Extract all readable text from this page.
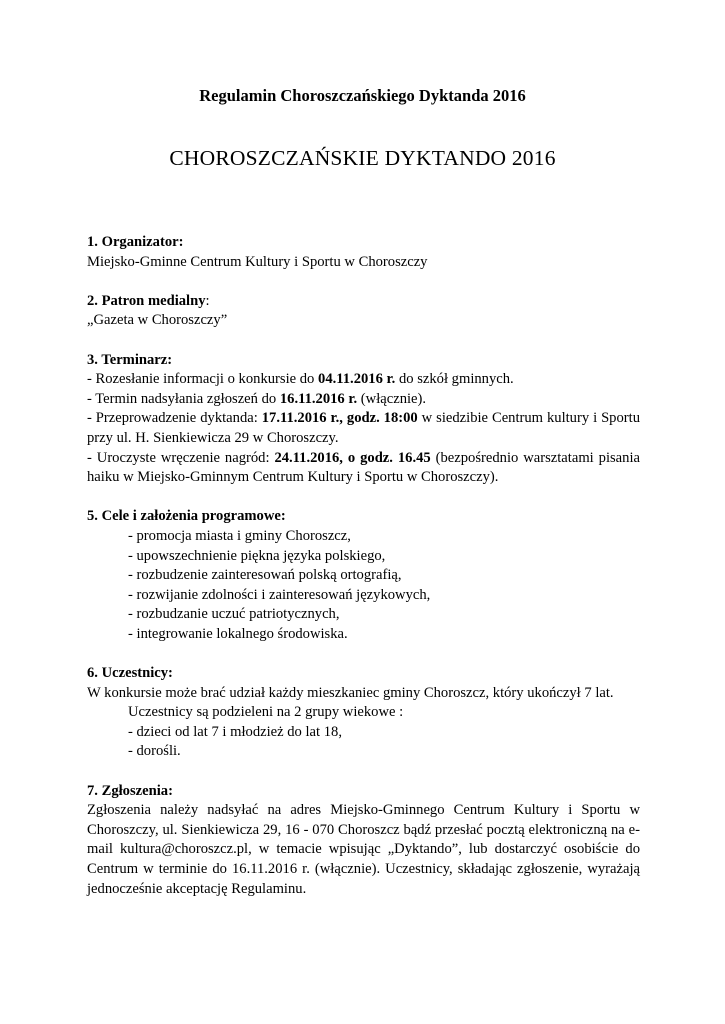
Regulamin Choroszczańskiego Dyktanda 2016
CHOROSZCZAŃSKIE DYKTANDO 2016
1. Organizator:
Miejsko-Gminne Centrum Kultury i Sportu w Choroszczy
2. Patron medialny:
„Gazeta w Choroszczy”
3. Terminarz:
- Rozesłanie informacji o konkursie do 04.11.2016 r. do szkół gminnych.
- Termin nadsyłania zgłoszeń do 16.11.2016 r. (włącznie).
- Przeprowadzenie dyktanda: 17.11.2016 r., godz. 18:00 w siedzibie Centrum kultury i Sportu przy ul. H. Sienkiewicza 29 w Choroszczy.
- Uroczyste wręczenie nagród: 24.11.2016, o godz. 16.45 (bezpośrednio warsztatami pisania haiku w Miejsko-Gminnym Centrum Kultury i Sportu w Choroszczy).
5. Cele i założenia programowe:
- promocja miasta i gminy Choroszcz,
- upowszechnienie piękna języka polskiego,
- rozbudzenie zainteresowań polską ortografią,
- rozwijanie zdolności i zainteresowań językowych,
- rozbudzanie uczuć patriotycznych,
- integrowanie lokalnego środowiska.
6. Uczestnicy:
W konkursie może brać udział każdy mieszkaniec gminy Choroszcz, który ukończył 7 lat.
Uczestnicy są podzieleni na 2 grupy wiekowe :
- dzieci od lat 7 i młodzież do lat 18,
- dorośli.
7. Zgłoszenia:
Zgłoszenia należy nadsyłać na adres Miejsko-Gminnego Centrum Kultury i Sportu w Choroszczy, ul. Sienkiewicza 29, 16 - 070 Choroszcz bądź przesłać pocztą elektroniczną na e-mail kultura@choroszcz.pl, w temacie wpisując „Dyktando”, lub dostarczyć osobiście do Centrum w terminie do 16.11.2016 r. (włącznie). Uczestnicy, składając zgłoszenie, wyrażają jednocześnie akceptację Regulaminu.
